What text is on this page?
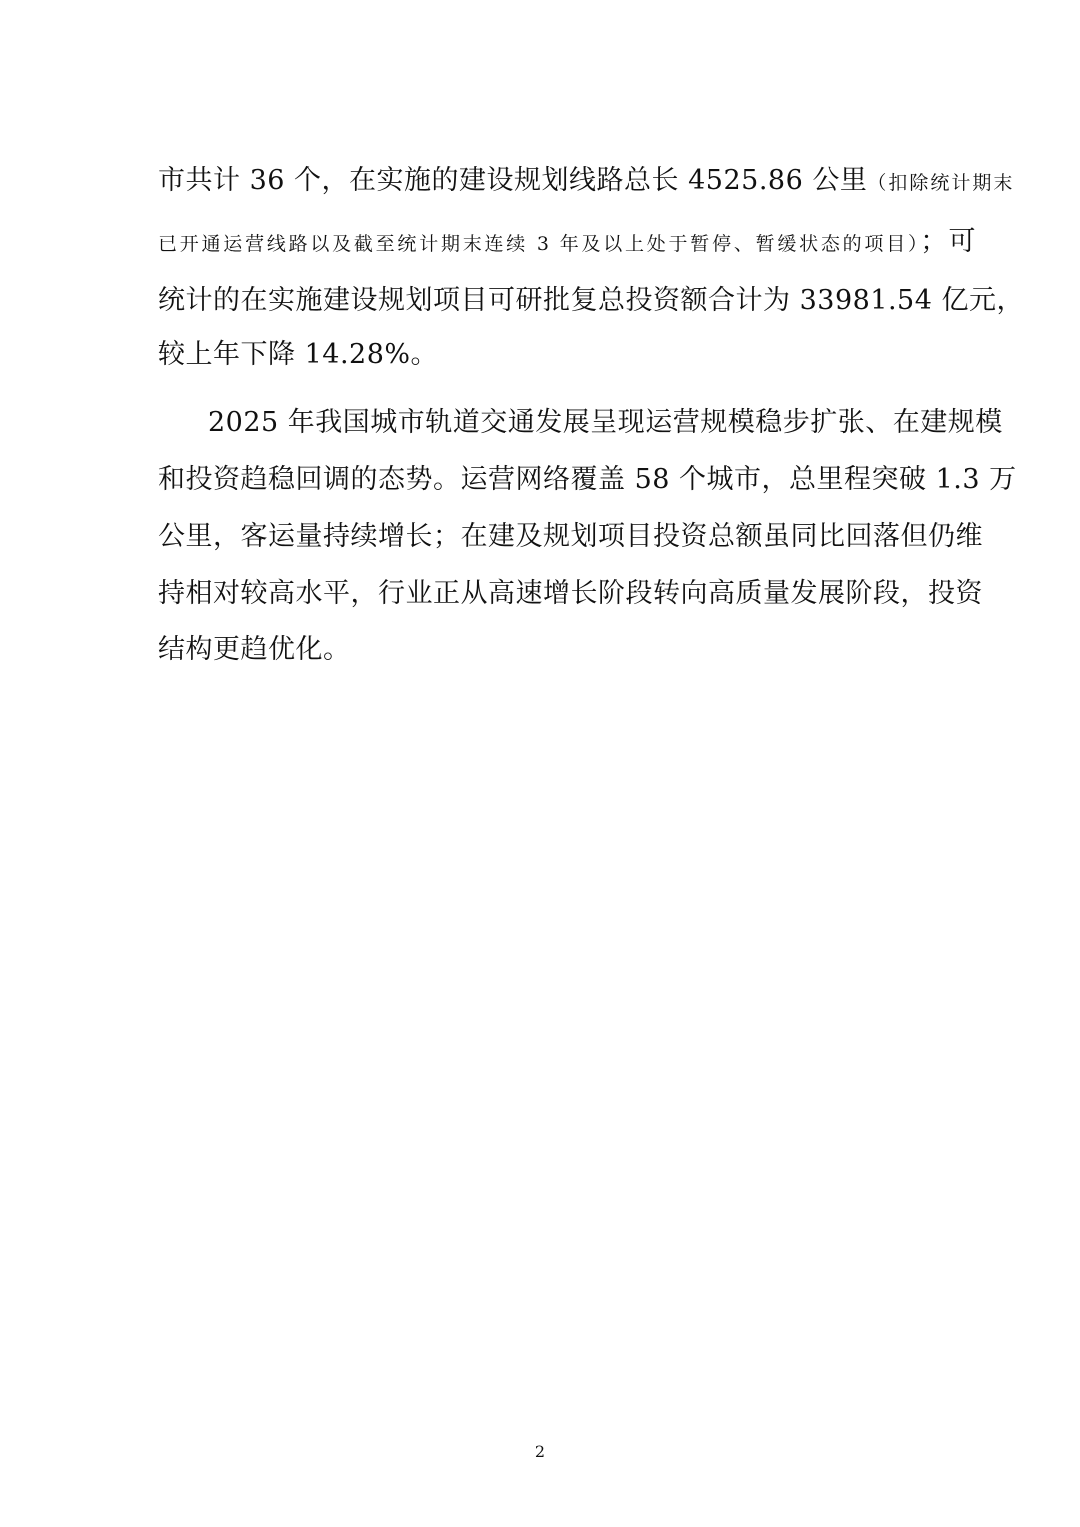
市共计 36 个，在实施的建设规划线路总长 4525.86 公里（扣除统计期末
已开通运营线路以及截至统计期末连续 3 年及以上处于暂停、暂缓状态的项目）；可
统计的在实施建设规划项目可研批复总投资额合计为 33981.54 亿元，
较上年下降 14.28%。
2025 年我国城市轨道交通发展呈现运营规模稳步扩张、在建规模
和投资趋稳回调的态势。运营网络覆盖 58 个城市，总里程突破 1.3 万
公里，客运量持续增长；在建及规划项目投资总额虽同比回落但仍维
持相对较高水平，行业正从高速增长阶段转向高质量发展阶段，投资
结构更趋优化。
2
